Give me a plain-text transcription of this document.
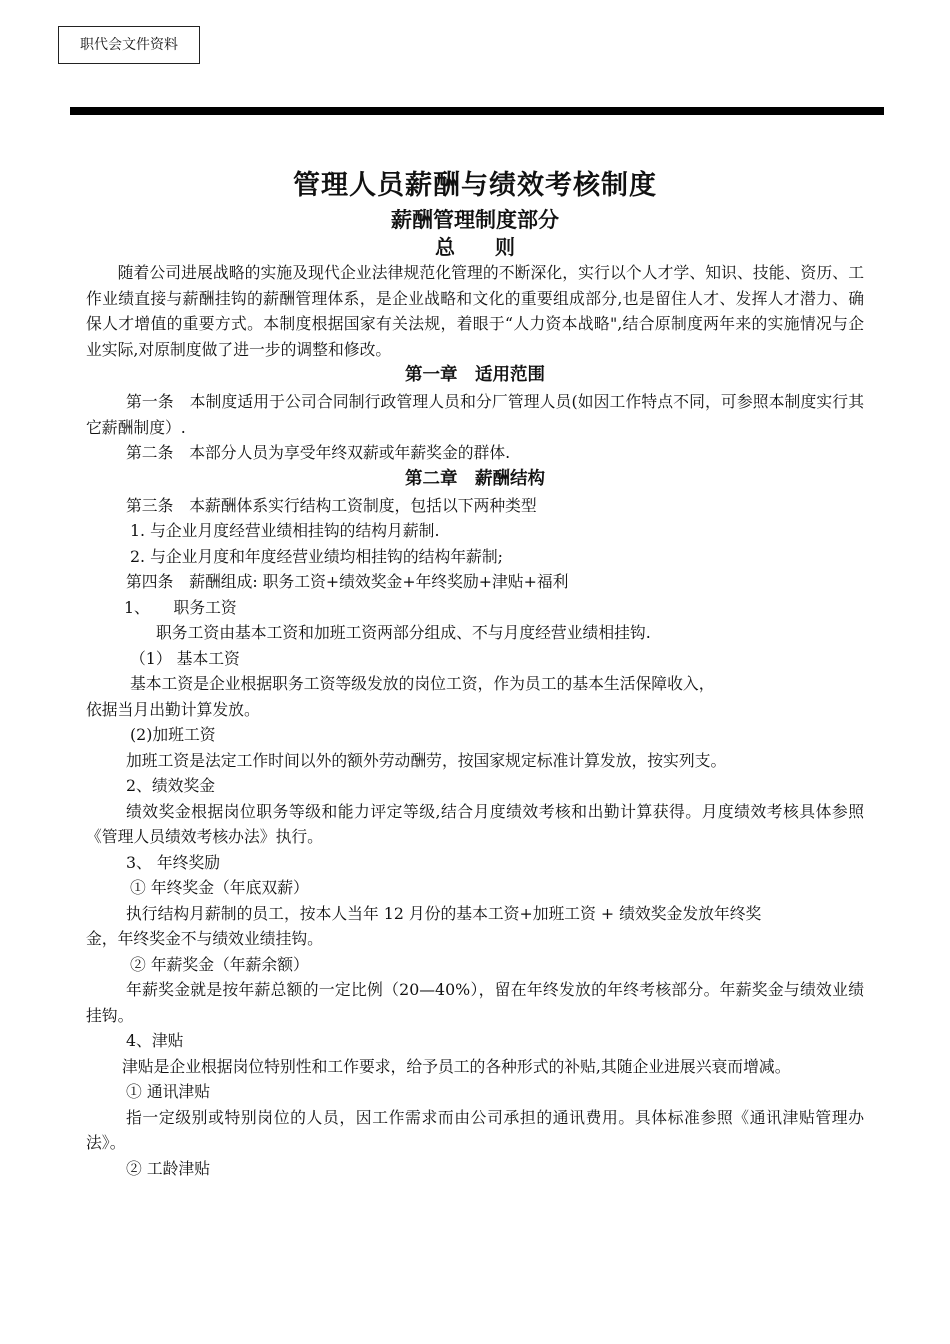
职代会文件资料
管理人员薪酬与绩效考核制度
薪酬管理制度部分
总　　则

随着公司进展战略的实施及现代企业法律规范化管理的不断深化，实行以个人才学、知识、技能、资历、工作业绩直接与薪酬挂钩的薪酬管理体系，是企业战略和文化的重要组成部分,也是留住人才、发挥人才潜力、确保人才增值的重要方式。本制度根据国家有关法规，着眼于“人力资本战略",结合原制度两年来的实施情况与企业实际,对原制度做了进一步的调整和修改。

第一章　适用范围

第一条　本制度适用于公司合同制行政管理人员和分厂管理人员(如因工作特点不同，可参照本制度实行其它薪酬制度）.

第二条　本部分人员为享受年终双薪或年薪奖金的群体.

第二章　薪酬结构

第三条　本薪酬体系实行结构工资制度，包括以下两种类型

1. 与企业月度经营业绩相挂钩的结构月薪制.

2. 与企业月度和年度经营业绩均相挂钩的结构年薪制;

第四条　薪酬组成: 职务工资+绩效奖金+年终奖励+津贴+福利

1、　　职务工资

职务工资由基本工资和加班工资两部分组成、不与月度经营业绩相挂钩.

（1） 基本工资

基本工资是企业根据职务工资等级发放的岗位工资，作为员工的基本生活保障收入，

依据当月出勤计算发放。

(2)加班工资

加班工资是法定工作时间以外的额外劳动酬劳，按国家规定标准计算发放，按实列支。

2、绩效奖金

绩效奖金根据岗位职务等级和能力评定等级,结合月度绩效考核和出勤计算获得。月度绩效考核具体参照《管理人员绩效考核办法》执行。

3、 年终奖励

① 年终奖金（年底双薪）

执行结构月薪制的员工，按本人当年 12 月份的基本工资+加班工资 + 绩效奖金发放年终奖

金，年终奖金不与绩效业绩挂钩。

② 年薪奖金（年薪余额）

年薪奖金就是按年薪总额的一定比例（20—40%），留在年终发放的年终考核部分。年薪奖金与绩效业绩挂钩。

4、津贴

津贴是企业根据岗位特别性和工作要求，给予员工的各种形式的补贴,其随企业进展兴衰而增减。

① 通讯津贴

指一定级别或特别岗位的人员，因工作需求而由公司承担的通讯费用。具体标准参照《通讯津贴管理办法》。

② 工龄津贴
